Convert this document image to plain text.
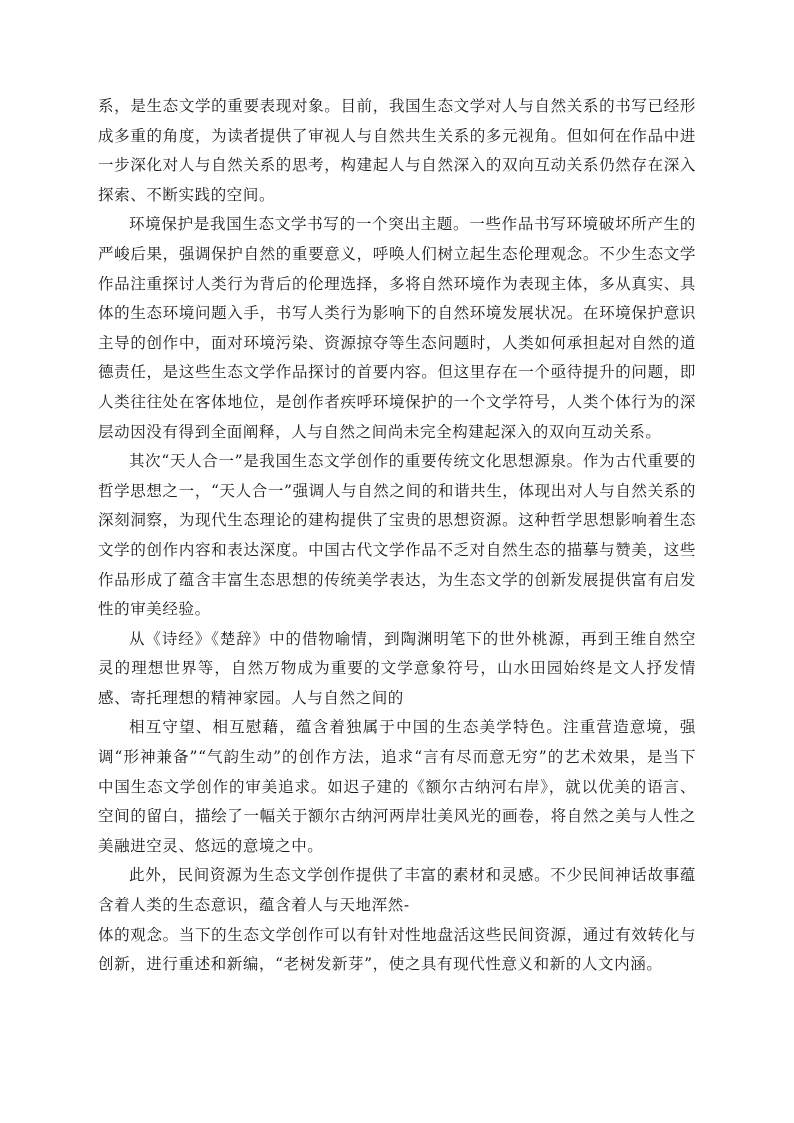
系，是生态文学的重要表现对象。目前，我国生态文学对人与自然关系的书写已经形成多重的角度，为读者提供了审视人与自然共生关系的多元视角。但如何在作品中进一步深化对人与自然关系的思考，构建起人与自然深入的双向互动关系仍然存在深入探索、不断实践的空间。

环境保护是我国生态文学书写的一个突出主题。一些作品书写环境破坏所产生的严峻后果，强调保护自然的重要意义，呼唤人们树立起生态伦理观念。不少生态文学作品注重探讨人类行为背后的伦理选择，多将自然环境作为表现主体，多从真实、具体的生态环境问题入手，书写人类行为影响下的自然环境发展状况。在环境保护意识主导的创作中，面对环境污染、资源掠夺等生态问题时，人类如何承担起对自然的道德责任，是这些生态文学作品探讨的首要内容。但这里存在一个亟待提升的问题，即人类往往处在客体地位，是创作者疾呼环境保护的一个文学符号，人类个体行为的深层动因没有得到全面阐释，人与自然之间尚未完全构建起深入的双向互动关系。

其次“天人合一”是我国生态文学创作的重要传统文化思想源泉。作为古代重要的哲学思想之一，“天人合一”强调人与自然之间的和谐共生，体现出对人与自然关系的深刻洞察，为现代生态理论的建构提供了宝贵的思想资源。这种哲学思想影响着生态文学的创作内容和表达深度。中国古代文学作品不乏对自然生态的描摹与赞美，这些作品形成了蕴含丰富生态思想的传统美学表达，为生态文学的创新发展提供富有启发性的审美经验。

从《诗经》《楚辞》中的借物喻情，到陶渊明笔下的世外桃源，再到王维自然空灵的理想世界等，自然万物成为重要的文学意象符号，山水田园始终是文人抒发情感、寄托理想的精神家园。人与自然之间的

相互守望、相互慰藉，蕴含着独属于中国的生态美学特色。注重营造意境，强调“形神兼备”“气韵生动”的创作方法，追求“言有尽而意无穷”的艺术效果，是当下中国生态文学创作的审美追求。如迟子建的《额尔古纳河右岸》，就以优美的语言、空间的留白，描绘了一幅关于额尔古纳河两岸壮美风光的画卷，将自然之美与人性之美融进空灵、悠远的意境之中。

此外，民间资源为生态文学创作提供了丰富的素材和灵感。不少民间神话故事蕴含着人类的生态意识，蕴含着人与天地浑然-

体的观念。当下的生态文学创作可以有针对性地盘活这些民间资源，通过有效转化与创新，进行重述和新编，“老树发新芽”，使之具有现代性意义和新的人文内涵。
